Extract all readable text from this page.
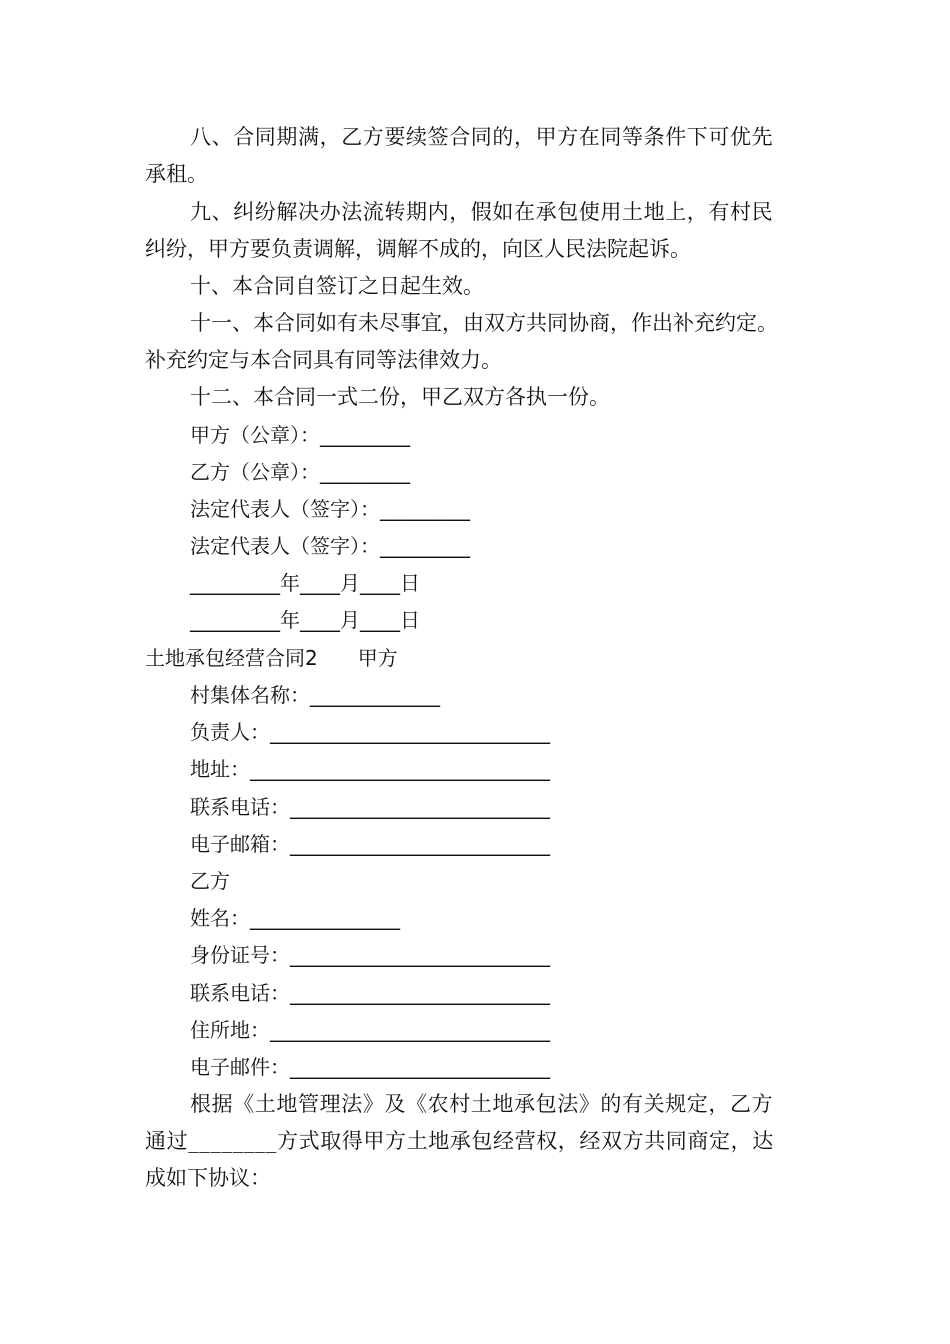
八、合同期满，乙方要续签合同的，甲方在同等条件下可优先
承租。
九、纠纷解决办法流转期内，假如在承包使用土地上，有村民
纠纷，甲方要负责调解，调解不成的，向区人民法院起诉。
十、本合同自签订之日起生效。
十一、本合同如有未尽事宜，由双方共同协商，作出补充约定。
补充约定与本合同具有同等法律效力。
十二、本合同一式二份，甲乙双方各执一份。
甲方（公章）：_________
乙方（公章）：_________
法定代表人（签字）：_________
法定代表人（签字）：_________
_________年____月____日
_________年____月____日
土地承包经营合同2　　甲方
村集体名称：_____________
负责人：____________________________
地址：______________________________
联系电话：__________________________
电子邮箱：__________________________
乙方
姓名：_______________
身份证号：__________________________
联系电话：__________________________
住所地：____________________________
电子邮件：__________________________
根据《土地管理法》及《农村土地承包法》的有关规定，乙方
通过________方式取得甲方土地承包经营权，经双方共同商定，达
成如下协议：
